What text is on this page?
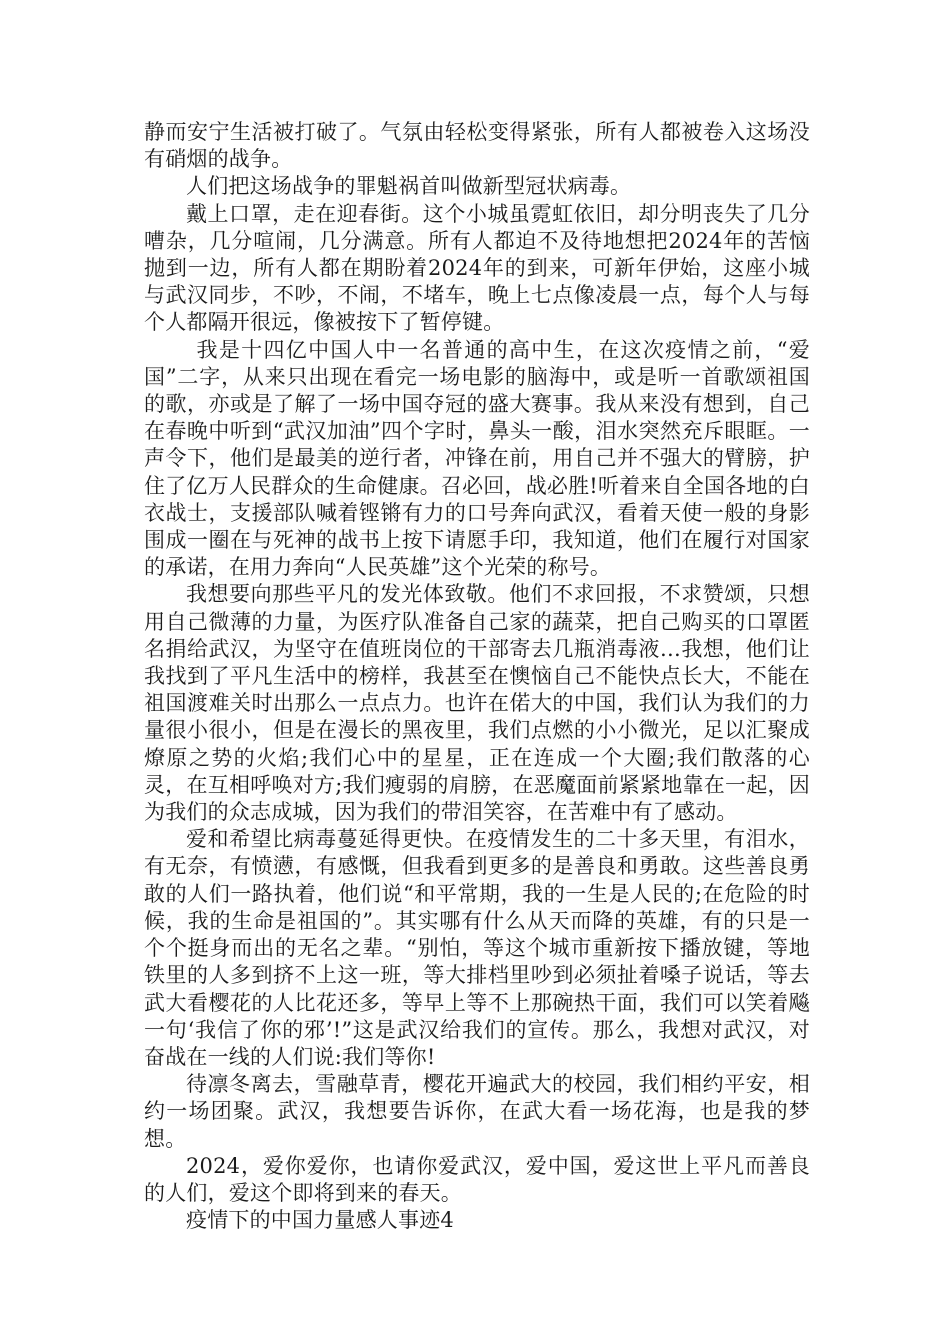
静而安宁生活被打破了。气氛由轻松变得紧张，所有人都被卷入这场没有硝烟的战争。

人们把这场战争的罪魁祸首叫做新型冠状病毒。

戴上口罩，走在迎春街。这个小城虽霓虹依旧，却分明丧失了几分嘈杂，几分喧闹，几分满意。所有人都迫不及待地想把2024年的苦恼抛到一边，所有人都在期盼着2024年的到来，可新年伊始，这座小城与武汉同步，不吵，不闹，不堵车，晚上七点像凌晨一点，每个人与每个人都隔开很远，像被按下了暂停键。

我是十四亿中国人中一名普通的高中生，在这次疫情之前，“爱国”二字，从来只出现在看完一场电影的脑海中，或是听一首歌颂祖国的歌，亦或是了解了一场中国夺冠的盛大赛事。我从来没有想到，自己在春晚中听到“武汉加油”四个字时，鼻头一酸，泪水突然充斥眼眶。一声令下，他们是最美的逆行者，冲锋在前，用自己并不强大的臂膀，护住了亿万人民群众的生命健康。召必回，战必胜!听着来自全国各地的白衣战士，支援部队喊着铿锵有力的口号奔向武汉，看着天使一般的身影围成一圈在与死神的战书上按下请愿手印，我知道，他们在履行对国家的承诺，在用力奔向“人民英雄”这个光荣的称号。

我想要向那些平凡的发光体致敬。他们不求回报，不求赞颂，只想用自己微薄的力量，为医疗队准备自己家的蔬菜，把自己购买的口罩匿名捐给武汉，为坚守在值班岗位的干部寄去几瓶消毒液…我想，他们让我找到了平凡生活中的榜样，我甚至在懊恼自己不能快点长大，不能在祖国渡难关时出那么一点点力。也许在偌大的中国，我们认为我们的力量很小很小，但是在漫长的黑夜里，我们点燃的小小微光，足以汇聚成燎原之势的火焰;我们心中的星星，正在连成一个大圈;我们散落的心灵，在互相呼唤对方;我们瘦弱的肩膀，在恶魔面前紧紧地靠在一起，因为我们的众志成城，因为我们的带泪笑容，在苦难中有了感动。

爱和希望比病毒蔓延得更快。在疫情发生的二十多天里，有泪水，有无奈，有愤懑，有感慨，但我看到更多的是善良和勇敢。这些善良勇敢的人们一路执着，他们说“和平常期，我的一生是人民的;在危险的时候，我的生命是祖国的”。其实哪有什么从天而降的英雄，有的只是一个个挺身而出的无名之辈。“别怕，等这个城市重新按下播放键，等地铁里的人多到挤不上这一班，等大排档里吵到必须扯着嗓子说话，等去武大看樱花的人比花还多，等早上等不上那碗热干面，我们可以笑着飚一句‘我信了你的邪’!”这是武汉给我们的宣传。那么，我想对武汉，对奋战在一线的人们说:我们等你!

待凛冬离去，雪融草青，樱花开遍武大的校园，我们相约平安，相约一场团聚。武汉，我想要告诉你，在武大看一场花海，也是我的梦想。

2024，爱你爱你，也请你爱武汉，爱中国，爱这世上平凡而善良的人们，爱这个即将到来的春天。

疫情下的中国力量感人事迹4
